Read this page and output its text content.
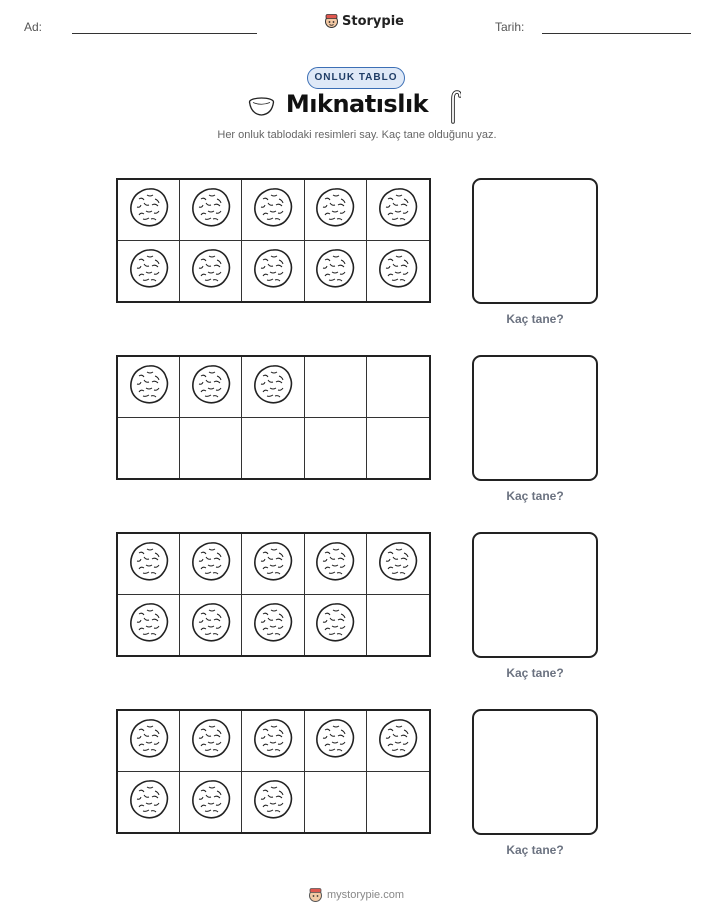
Ad:	Storypie	Tarih:
ONLUK TABLO
Mıknatıslık
Her onluk tablodaki resimleri say. Kaç tane olduğunu yaz.
Kaç tane?
Kaç tane?
Kaç tane?
Kaç tane?
mystorypie.com
